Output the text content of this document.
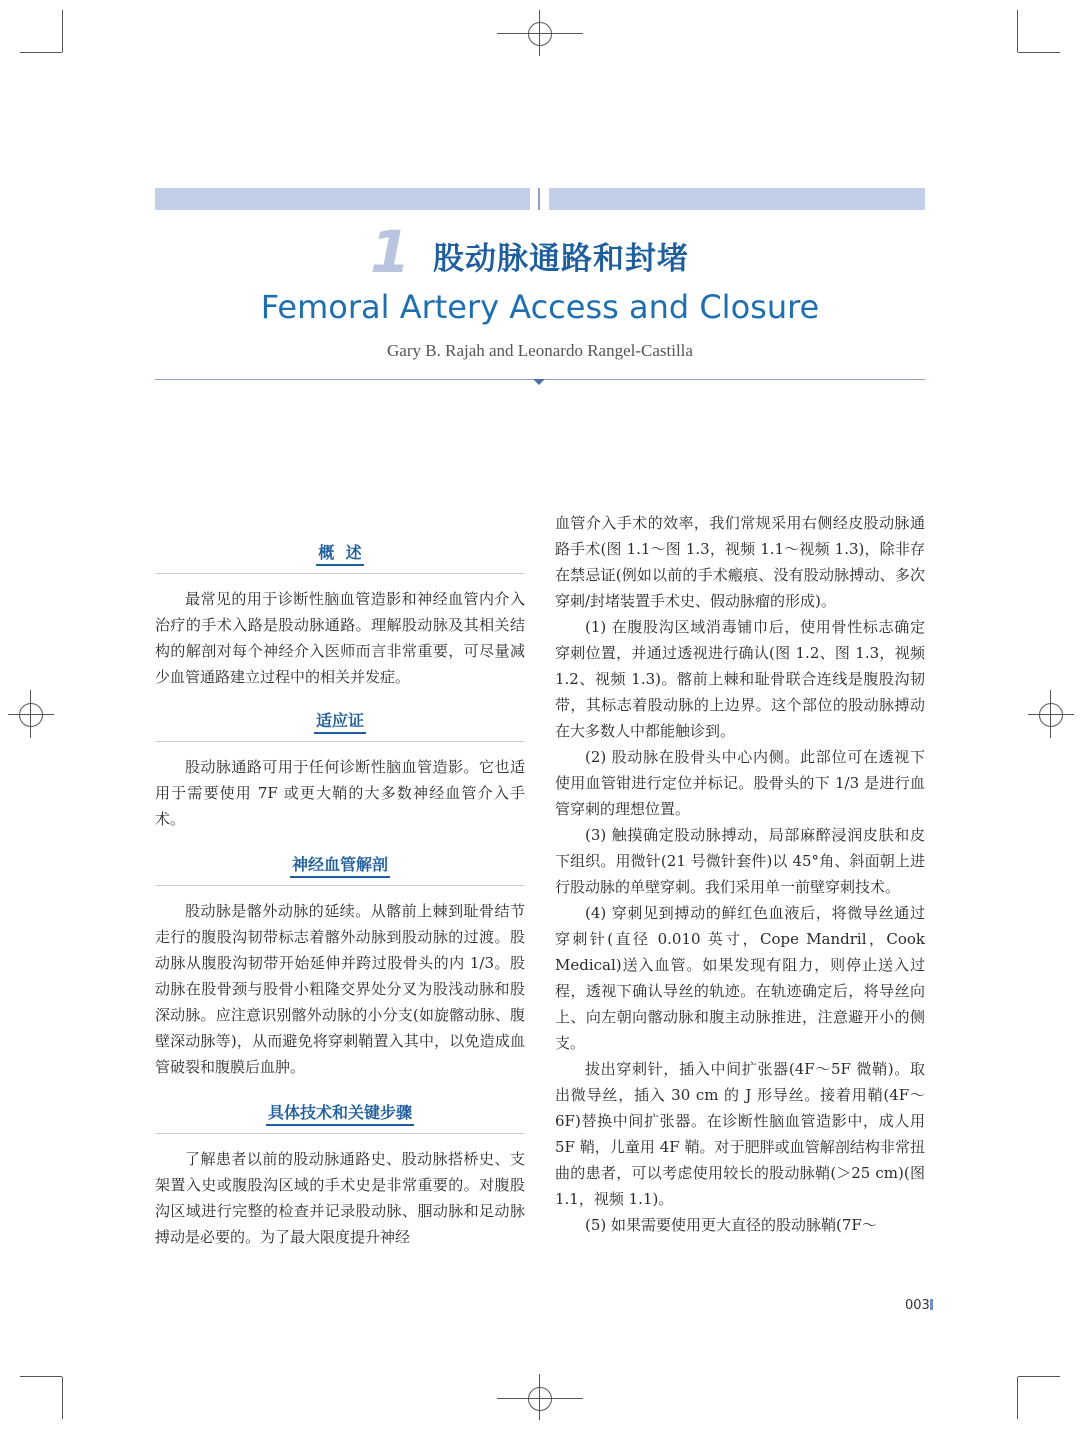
1 股动脉通路和封堵
Femoral Artery Access and Closure
Gary B. Rajah and Leonardo Rangel-Castilla
概  述

最常见的用于诊断性脑血管造影和神经血管内介入治疗的手术入路是股动脉通路。理解股动脉及其相关结构的解剖对每个神经介入医师而言非常重要，可尽量减少血管通路建立过程中的相关并发症。

适应证

股动脉通路可用于任何诊断性脑血管造影。它也适用于需要使用 7F 或更大鞘的大多数神经血管介入手术。

神经血管解剖

股动脉是髂外动脉的延续。从髂前上棘到耻骨结节走行的腹股沟韧带标志着髂外动脉到股动脉的过渡。股动脉从腹股沟韧带开始延伸并跨过股骨头的内 1/3。股动脉在股骨颈与股骨小粗隆交界处分叉为股浅动脉和股深动脉。应注意识别髂外动脉的小分支(如旋髂动脉、腹壁深动脉等)，从而避免将穿刺鞘置入其中，以免造成血管破裂和腹膜后血肿。

具体技术和关键步骤

了解患者以前的股动脉通路史、股动脉搭桥史、支架置入史或腹股沟区域的手术史是非常重要的。对腹股沟区域进行完整的检查并记录股动脉、腘动脉和足动脉搏动是必要的。为了最大限度提升神经

血管介入手术的效率，我们常规采用右侧经皮股动脉通路手术(图 1.1～图 1.3，视频 1.1～视频 1.3)，除非存在禁忌证(例如以前的手术瘢痕、没有股动脉搏动、多次穿刺/封堵装置手术史、假动脉瘤的形成)。

(1) 在腹股沟区域消毒铺巾后，使用骨性标志确定穿刺位置，并通过透视进行确认(图 1.2、图 1.3，视频 1.2、视频 1.3)。髂前上棘和耻骨联合连线是腹股沟韧带，其标志着股动脉的上边界。这个部位的股动脉搏动在大多数人中都能触诊到。

(2) 股动脉在股骨头中心内侧。此部位可在透视下使用血管钳进行定位并标记。股骨头的下 1/3 是进行血管穿刺的理想位置。

(3) 触摸确定股动脉搏动，局部麻醉浸润皮肤和皮下组织。用微针(21 号微针套件)以 45°角、斜面朝上进行股动脉的单壁穿刺。我们采用单一前壁穿刺技术。

(4) 穿刺见到搏动的鲜红色血液后，将微导丝通过穿刺针(直径 0.010 英寸，Cope Mandril，Cook Medical)送入血管。如果发现有阻力，则停止送入过程，透视下确认导丝的轨迹。在轨迹确定后，将导丝向上、向左朝向髂动脉和腹主动脉推进，注意避开小的侧支。

拔出穿刺针，插入中间扩张器(4F～5F 微鞘)。取出微导丝，插入 30 cm 的 J 形导丝。接着用鞘(4F～6F)替换中间扩张器。在诊断性脑血管造影中，成人用 5F 鞘，儿童用 4F 鞘。对于肥胖或血管解剖结构非常扭曲的患者，可以考虑使用较长的股动脉鞘(＞25 cm)(图 1.1，视频 1.1)。

(5) 如果需要使用更大直径的股动脉鞘(7F～

003
